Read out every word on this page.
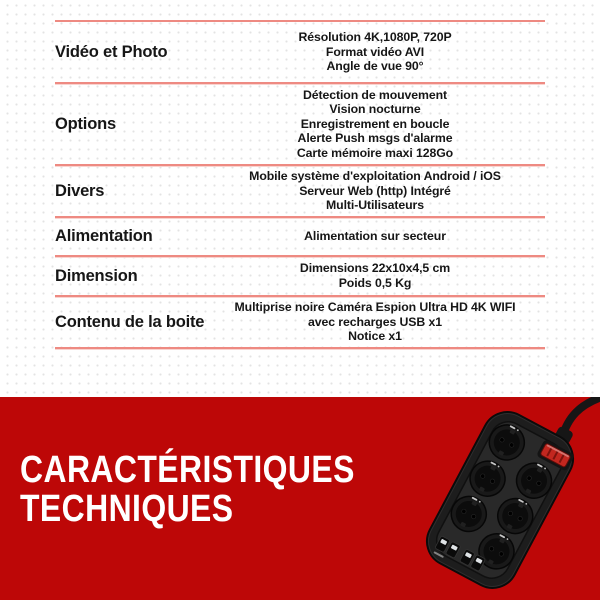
Vidéo et Photo
Résolution 4K,1080P, 720P
Format vidéo AVI
Angle de vue 90°
Options
Détection de mouvement
Vision nocturne
Enregistrement en boucle
Alerte Push msgs d'alarme
Carte mémoire maxi 128Go
Divers
Mobile système d'exploitation Android / iOS
Serveur Web (http) Intégré
Multi-Utilisateurs
Alimentation	Alimentation sur secteur
Dimension	Dimensions 22x10x4,5 cm
Poids 0,5 Kg
Contenu de la boite
Multiprise noire Caméra Espion Ultra HD 4K WIFI
avec recharges USB x1
Notice x1
CARACTÉRISTIQUES
TECHNIQUES
